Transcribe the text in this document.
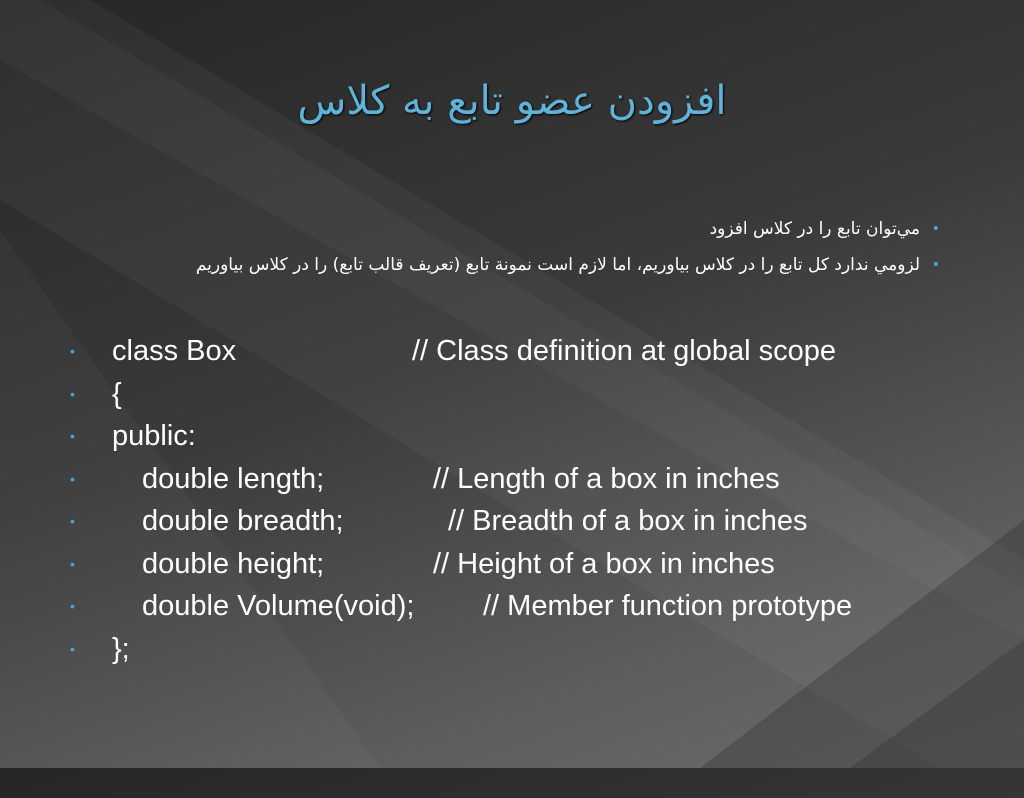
افزودن عضو تابع به کلاس
•
مي‌توان تابع را در كلاس افزود
•
لزومي ندارد كل تابع را در كلاس بياوريم، اما لازم است نمونة تابع (تعريف قالب تابع) را در كلاس بياوريم

•

class Box

	// Class definition at global scope

•

{

•

public:

•

	double length;

	// Length of a box in inches

•

	double breadth;

	// Breadth of a box in inches

•

	double height;

	// Height of a box in inches

•

	double Volume(void);

// Member function prototype

•

};
